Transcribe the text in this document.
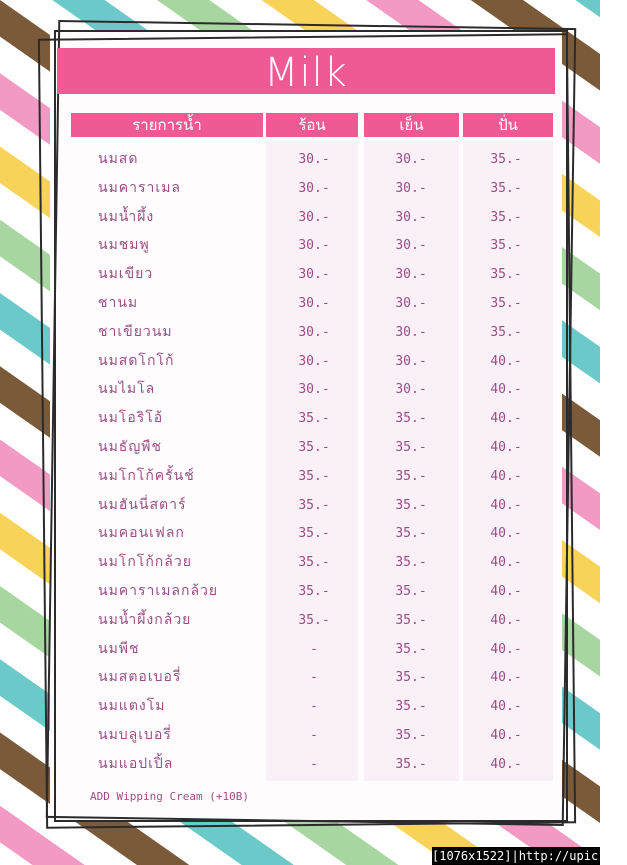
Milk
รายการน้ำ	ร้อน	เย็น	ปั่น
นมสด	30.-	30.-	35.-
นมคาราเมล	30.-	30.-	35.-
นมน้ำผึ้ง	30.-	30.-	35.-
นมชมพู	30.-	30.-	35.-
นมเขียว	30.-	30.-	35.-
ชานม	30.-	30.-	35.-
ชาเขียวนม	30.-	30.-	35.-
นมสดโกโก้	30.-	30.-	40.-
นมไมโล	30.-	30.-	40.-
นมโอริโอ้	35.-	35.-	40.-
นมธัญพืช	35.-	35.-	40.-
นมโกโก้ครั้นช์	35.-	35.-	40.-
นมฮันนี่สตาร์	35.-	35.-	40.-
นมคอนเฟลก	35.-	35.-	40.-
นมโกโก้กล้วย	35.-	35.-	40.-
นมคาราเมลกล้วย	35.-	35.-	40.-
นมน้ำผึ้งกล้วย	35.-	35.-	40.-
นมพีช	-	35.-	40.-
นมสตอเบอรี่	-	35.-	40.-
นมแตงโม	-	35.-	40.-
นมบลูเบอรี่	-	35.-	40.-
นมแอปเปิ้ล	-	35.-	40.-
ADD Wipping Cream (+10B)
[1076x1522]|http://upic.me/
